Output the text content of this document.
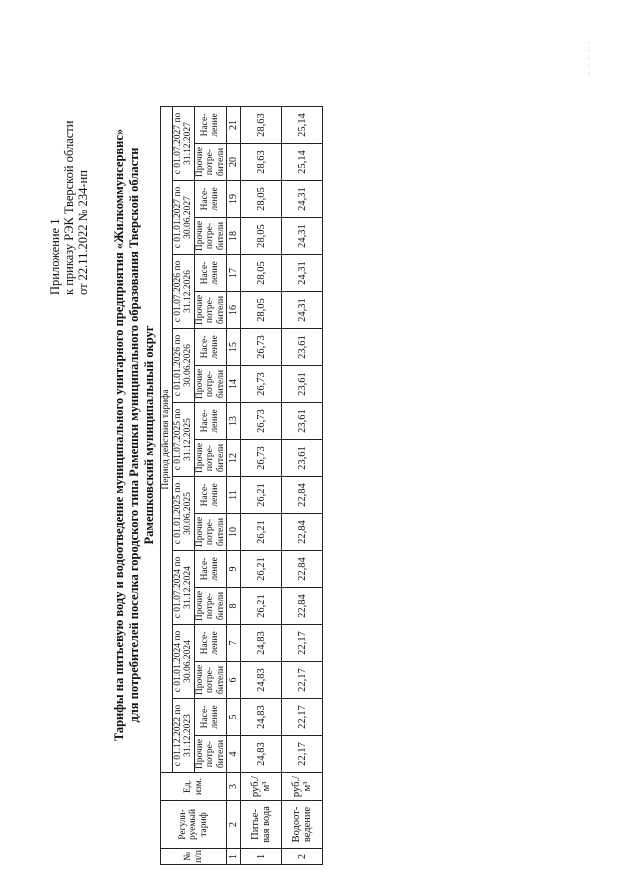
Приложение 1 к приказу РЭК Тверской области от 22.11.2022 № 234-нп Тарифы на питьевую воду и водоотведение муниципального унитарного предприятия «Жилкоммунсервис» для потребителей поселка городского типа Рамешки муниципального образования Тверской области Рамешковский муниципальный округ
№ п/п	Регули-руемый тариф	Ед. изм.	Период действия тарифа																	
			с 01.12.2022 по 31.12.2023		с 01.01.2024 по 30.06.2024		с 01.07.2024 по 31.12.2024		с 01.01.2025 по 30.06.2025		с 01.07.2025 по 31.12.2025		с 01.01.2026 по 30.06.2026		с 01.07.2026 по 31.12.2026		с 01.01.2027 по 30.06.2027		с 01.07.2027 по 31.12.2027	
			Прочие потре-бители	Насе-ление	Прочие потре-бители	Насе-ление	Прочие потре-бители	Насе-ление	Прочие потре-бители	Насе-ление	Прочие потре-бители	Насе-ление	Прочие потре-бители	Насе-ление	Прочие потре-бители	Насе-ление	Прочие потре-бители	Насе-ление	Прочие потре-бители	Насе-ление
1	2	3	4	5	6	7	8	9	10	11	12	13	14	15	16	17	18	19	20	21
1	Питье-вая вода	руб./м³	24,83	24,83	24,83	24,83	26,21	26,21	26,21	26,21	26,73	26,73	26,73	26,73	28,05	28,05	28,05	28,05	28,63	28,63
2	Водоот-ведение	руб./м³	22,17	22,17	22,17	22,17	22,84	22,84	22,84	22,84	23,61	23,61	23,61	23,61	24,31	24,31	24,31	24,31	25,14	25,14
· · · · ·
